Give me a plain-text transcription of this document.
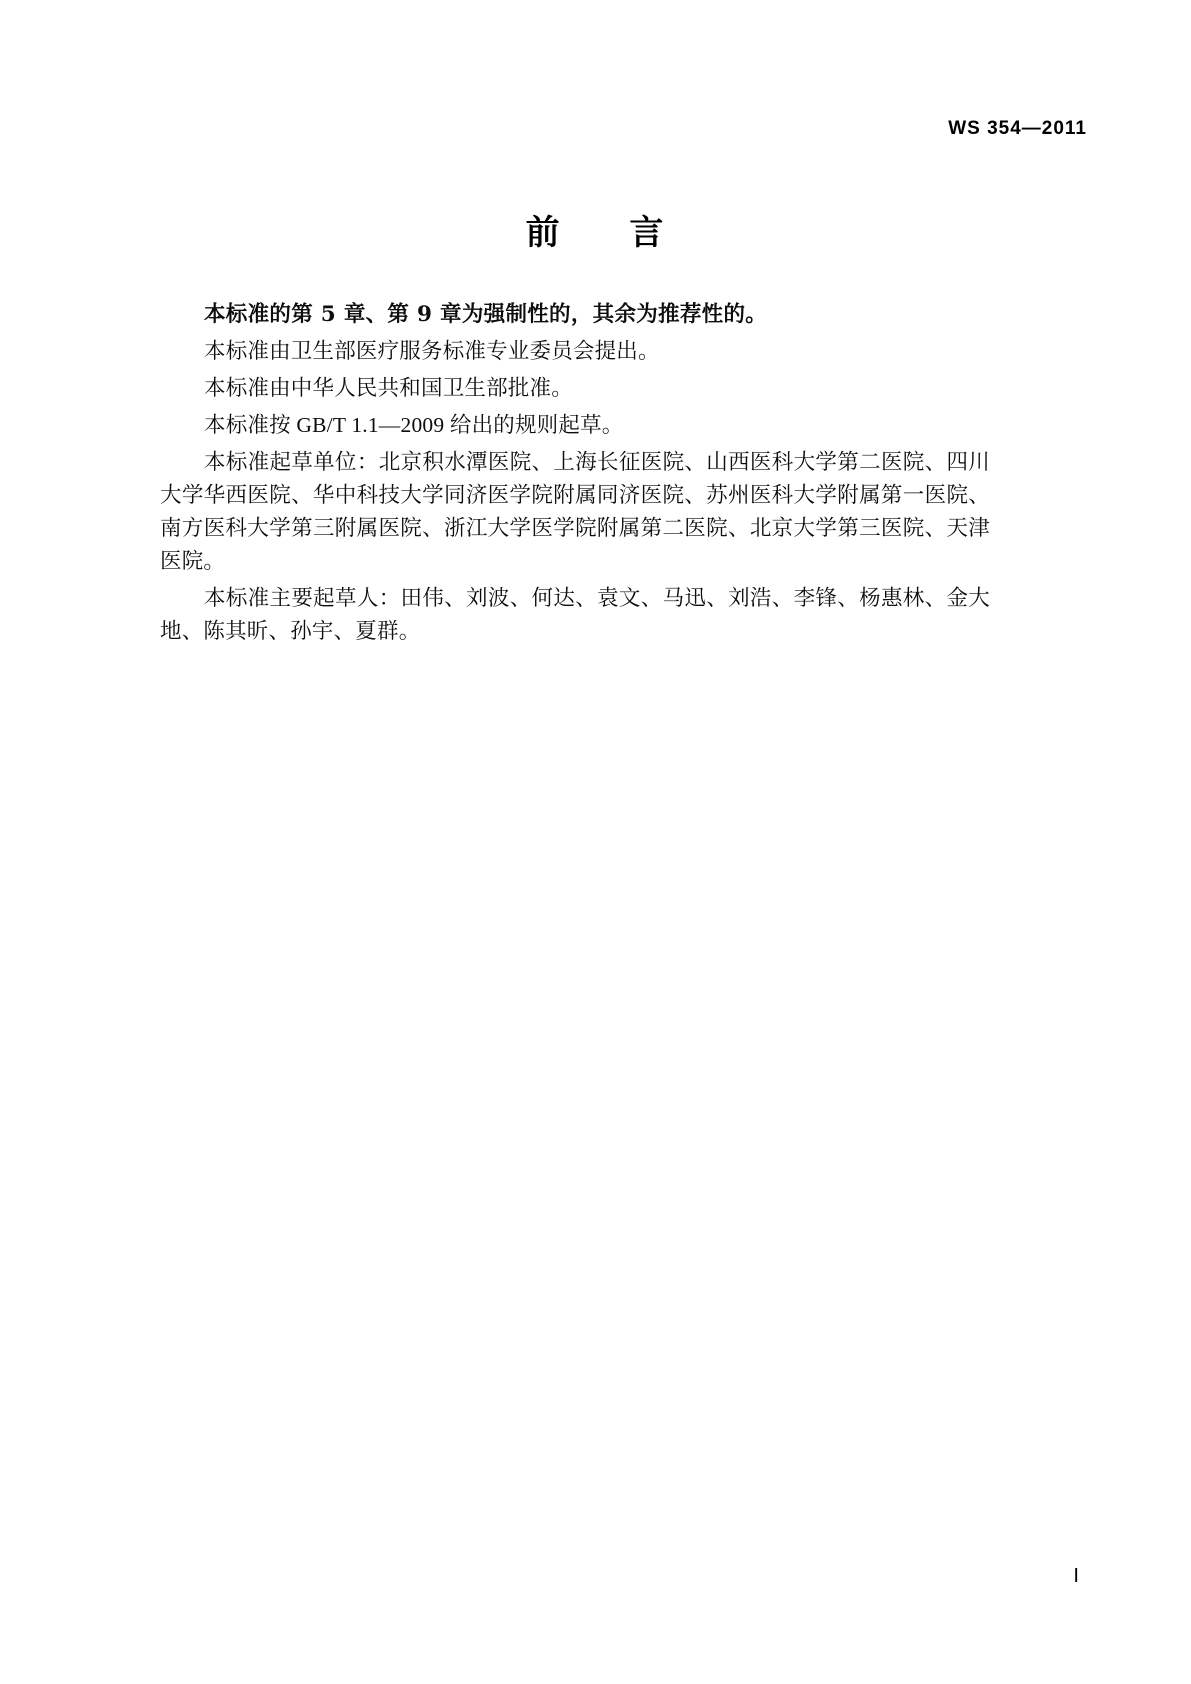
WS 354—2011
前 言

本标准的第 5 章、第 9 章为强制性的，其余为推荐性的。

本标准由卫生部医疗服务标准专业委员会提出。

本标准由中华人民共和国卫生部批准。

本标准按 GB/T 1.1—2009 给出的规则起草。

本标准起草单位：北京积水潭医院、上海长征医院、山西医科大学第二医院、四川大学华西医院、华中科技大学同济医学院附属同济医院、苏州医科大学附属第一医院、南方医科大学第三附属医院、浙江大学医学院附属第二医院、北京大学第三医院、天津医院。

本标准主要起草人：田伟、刘波、何达、袁文、马迅、刘浩、李锋、杨惠林、金大地、陈其昕、孙宇、夏群。

Ⅰ
